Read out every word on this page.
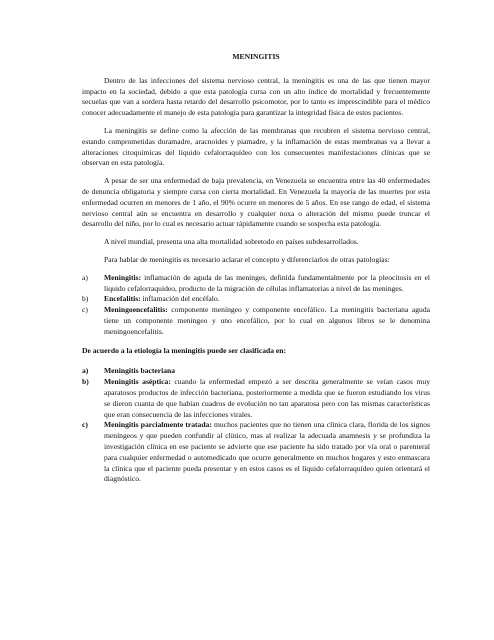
MENINGITIS

Dentro de las infecciones del sistema nervioso central, la meningitis es una de las que tienen mayor impacto en la sociedad, debido a que esta patología cursa con un alto índice de mortalidad y frecuentemente secuelas que van a sordera hasta retardo del desarrollo psicomotor, por lo tanto es imprescindible para el médico conocer adecuadamente el manejo de esta patología para garantizar la integridad física de estos pacientes.

La meningitis se define como la afección de las membranas que recubren el sistema nervioso central, estando comprometidas duramadre, aracnoides y piamadre, y la inflamación de estas membranas va a llevar a alteraciones citoquímicas del líquido cefalorraquídeo con los consecuentes manifestaciones clínicas que se observan en esta patología.

A pesar de ser una enfermedad de baja prevalencia, en Venezuela se encuentra entre las 40 enfermedades de denuncia obligatoria y siempre cursa con cierta mortalidad. En Venezuela la mayoría de las muertes por esta enfermedad ocurren en menores de 1 año, el 90% ocurre en menores de 5 años. En ese rango de edad, el sistema nervioso central aún se encuentra en desarrollo y cualquier noxa o alteración del mismo puede truncar el desarrollo del niño, por lo cual es necesario actuar rápidamente cuando se sospecha esta patología.

A nivel mundial, presenta una alta mortalidad sobretodo en países subdesarrollados.

Para hablar de meningitis es necesario aclarar el concepto y diferenciarlos de otras patologías:

a) Meningitis: inflamación de aguda de las meninges, definida fundamentalmente por la pleocitosis en el líquido cefalorraquídeo, producto de la migración de células inflamatorias a nivel de las meninges.
b) Encefalitis: inflamación del encéfalo.
c) Meningoencefalitis: componente meníngeo y componente encefálico. La meningitis bacteriana aguda tiene un componente meníngeo y uno encefálico, por lo cual en algunos libros se le denomina meningoencefalitis.
De acuerdo a la etiología la meningitis puede ser clasificada en:
a) Meningitis bacteriana
b) Meningitis aséptica: cuando la enfermedad empezó a ser descrita generalmente se veían casos muy aparatosos productos de infección bacteriana, posteriormente a medida que se fueron estudiando los virus se dieron cuanta de que habían cuadros de evolución no tan aparatosa pero con las mismas características que eran consecuencia de las infecciones virales.
c) Meningitis parcialmente tratada: muchos pacientes que no tienen una clínica clara, florida de los signos meníngeos y que pueden confundir al clínico, mas al realizar la adecuada anamnesis y se profundiza la investigación clínica en ese paciente se advierte que ese paciente ha sido tratado por vía oral o parenteral para cualquier enfermedad o automedicado que ocurre generalmente en muchos hogares y esto enmascara la clínica que el paciente pueda presentar y en estos casos es el líquido cefalorraquídeo quien orientará el diagnóstico.
